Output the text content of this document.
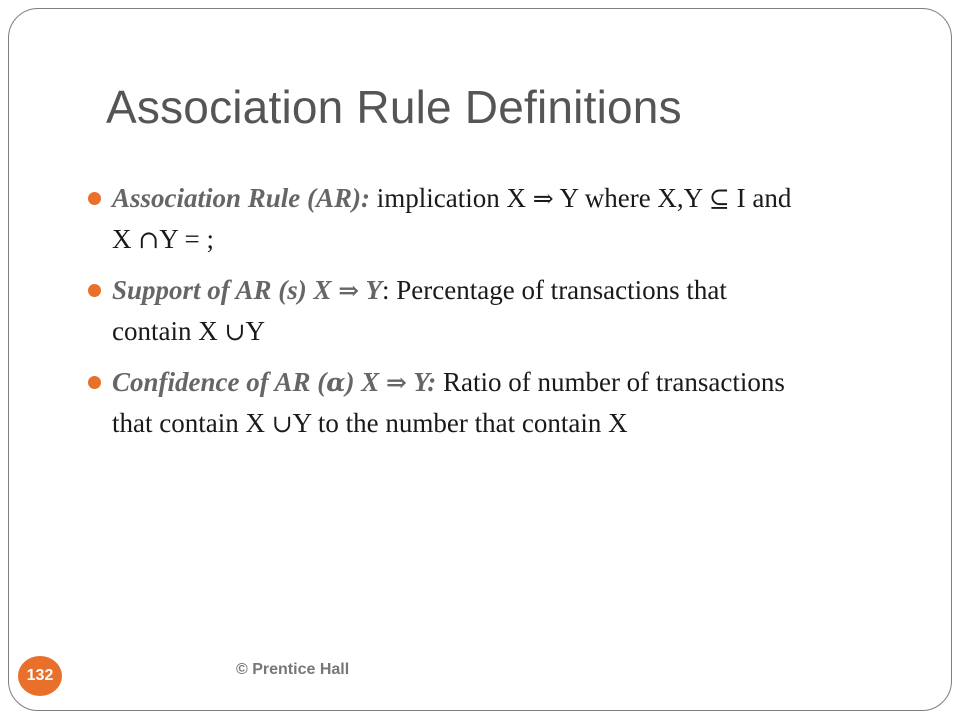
Association Rule Definitions
Association Rule (AR): implication X ⇒ Y where X,Y ⊆ I and X ∩Y = ;
Support of AR (s) X ⇒ Y: Percentage of transactions that contain X ∪Y
Confidence of AR (α) X ⇒ Y: Ratio of number of transactions that contain X ∪Y to the number that contain X
132	© Prentice Hall
